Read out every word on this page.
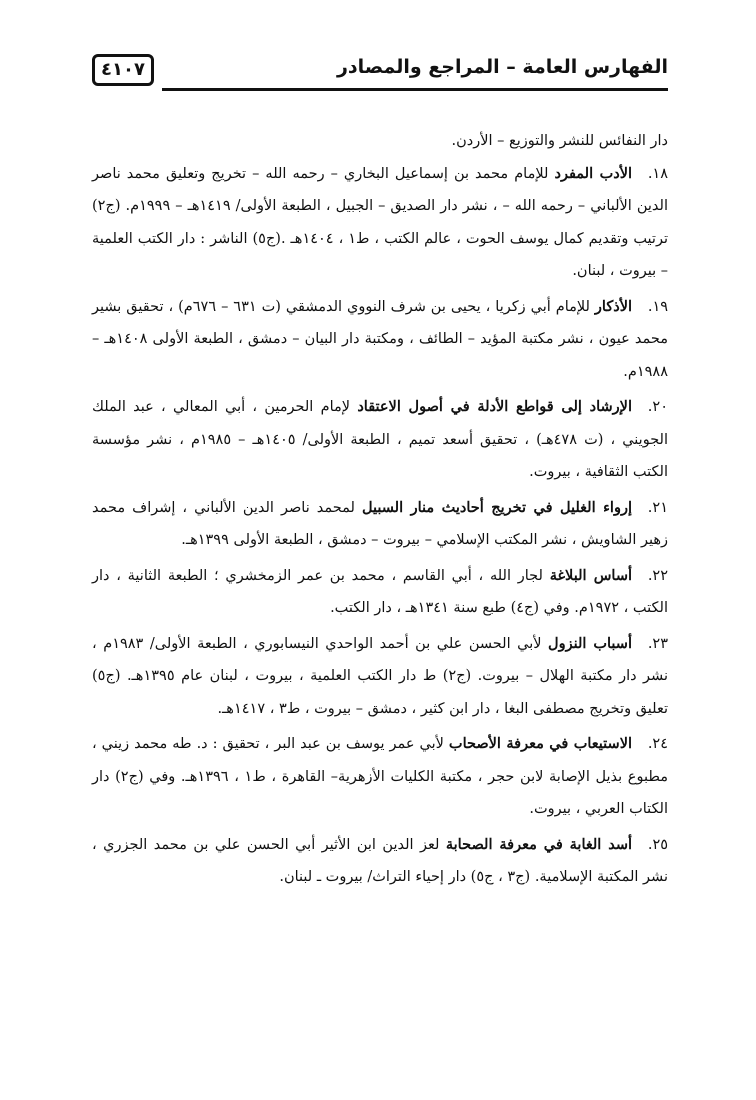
الفهارس العامة – المراجع والمصادر
٤١٠٧

دار النفائس للنشر والتوزيع – الأردن.

١٨.الأدب المفرد للإمام محمد بن إسماعيل البخاري – رحمه الله – تخريج وتعليق محمد ناصر الدين الألباني – رحمه الله – ، نشر دار الصديق – الجبيل ، الطبعة الأولى/ ١٤١٩هـ – ١٩٩٩م. (ج٢) ترتيب وتقديم كمال يوسف الحوت ، عالم الكتب ، ط١ ، ١٤٠٤هـ .(ج٥) الناشر : دار الكتب العلمية – بيروت ، لبنان.

١٩.الأذكار للإمام أبي زكريا ، يحيى بن شرف النووي الدمشقي (ت ٦٣١ – ٦٧٦م) ، تحقيق بشير محمد عيون ، نشر مكتبة المؤيد – الطائف ، ومكتبة دار البيان – دمشق ، الطبعة الأولى ١٤٠٨هـ – ١٩٨٨م.

٢٠.الإرشاد إلى قواطع الأدلة في أصول الاعتقاد لإمام الحرمين ، أبي المعالي ، عبد الملك الجويني ، (ت ٤٧٨هـ) ، تحقيق أسعد تميم ، الطبعة الأولى/ ١٤٠٥هـ – ١٩٨٥م ، نشر مؤسسة الكتب الثقافية ، بيروت.

٢١.إرواء الغليل في تخريج أحاديث منار السبيل لمحمد ناصر الدين الألباني ، إشراف محمد زهير الشاويش ، نشر المكتب الإسلامي – بيروت – دمشق ، الطبعة الأولى ١٣٩٩هـ.

٢٢.أساس البلاغة لجار الله ، أبي القاسم ، محمد بن عمر الزمخشري ؛ الطبعة الثانية ، دار الكتب ، ١٩٧٢م. وفي (ج٤) طبع سنة ١٣٤١هـ ، دار الكتب.

٢٣.أسباب النزول لأبي الحسن علي بن أحمد الواحدي النيسابوري ، الطبعة الأولى/ ١٩٨٣م ، نشر دار مكتبة الهلال – بيروت. (ج٢) ط دار الكتب العلمية ، بيروت ، لبنان عام ١٣٩٥هـ. (ج٥) تعليق وتخريج مصطفى البغا ، دار ابن كثير ، دمشق – بيروت ، ط٣ ، ١٤١٧هـ.

٢٤.الاستيعاب في معرفة الأصحاب لأبي عمر يوسف بن عبد البر ، تحقيق : د. طه محمد زيني ، مطبوع بذيل الإصابة لابن حجر ، مكتبة الكليات الأزهرية– القاهرة ، ط١ ، ١٣٩٦هـ. وفي (ج٢) دار الكتاب العربي ، بيروت.

٢٥.أسد الغابة في معرفة الصحابة لعز الدين ابن الأثير أبي الحسن علي بن محمد الجزري ، نشر المكتبة الإسلامية. (ج٣ ، ج٥) دار إحياء التراث/ بيروت ـ لبنان.
